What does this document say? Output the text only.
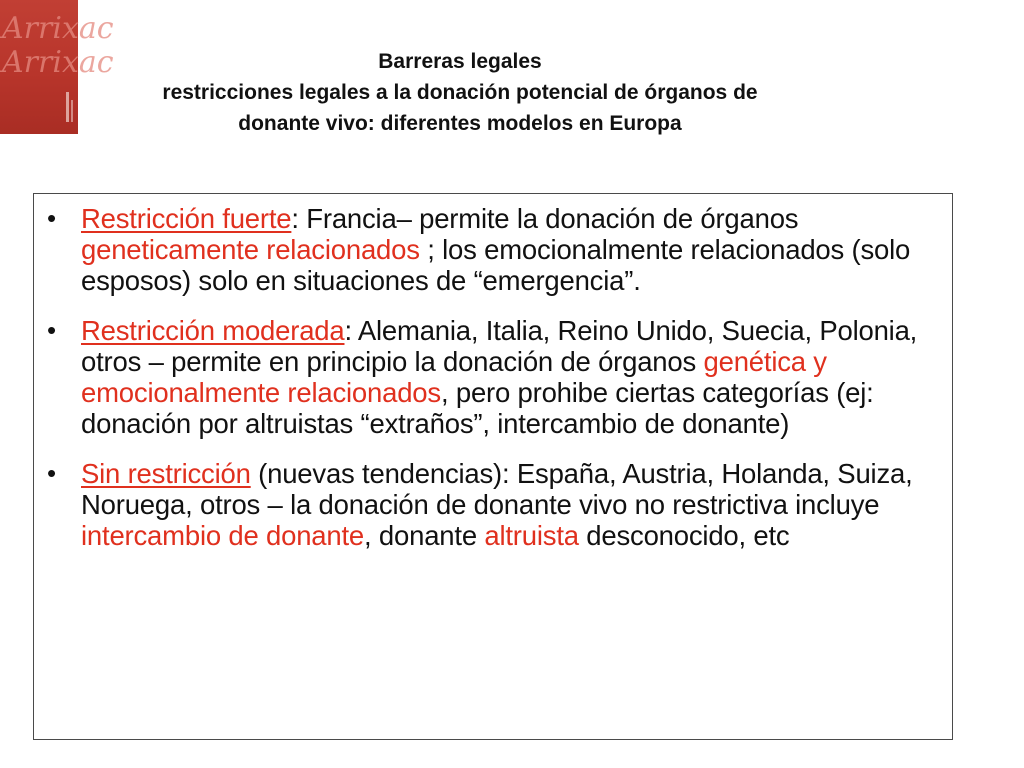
Arrixac
Arrixac	Barreras legales
restricciones legales a la donación potencial de órganos de
donante vivo: diferentes modelos en Europa
• Restricción fuerte: Francia– permite la donación de órganos geneticamente relacionados ; los emocionalmente relacionados (solo esposos) solo en situaciones de “emergencia”.
• Restricción moderada: Alemania, Italia, Reino Unido, Suecia, Polonia, otros – permite en principio la donación de órganos genética y emocionalmente relacionados, pero prohibe ciertas categorías (ej: donación por altruistas “extraños”, intercambio de donante)
• Sin restricción (nuevas tendencias): España, Austria, Holanda, Suiza, Noruega, otros – la donación de donante vivo no restrictiva incluye intercambio de donante, donante altruista desconocido, etc
